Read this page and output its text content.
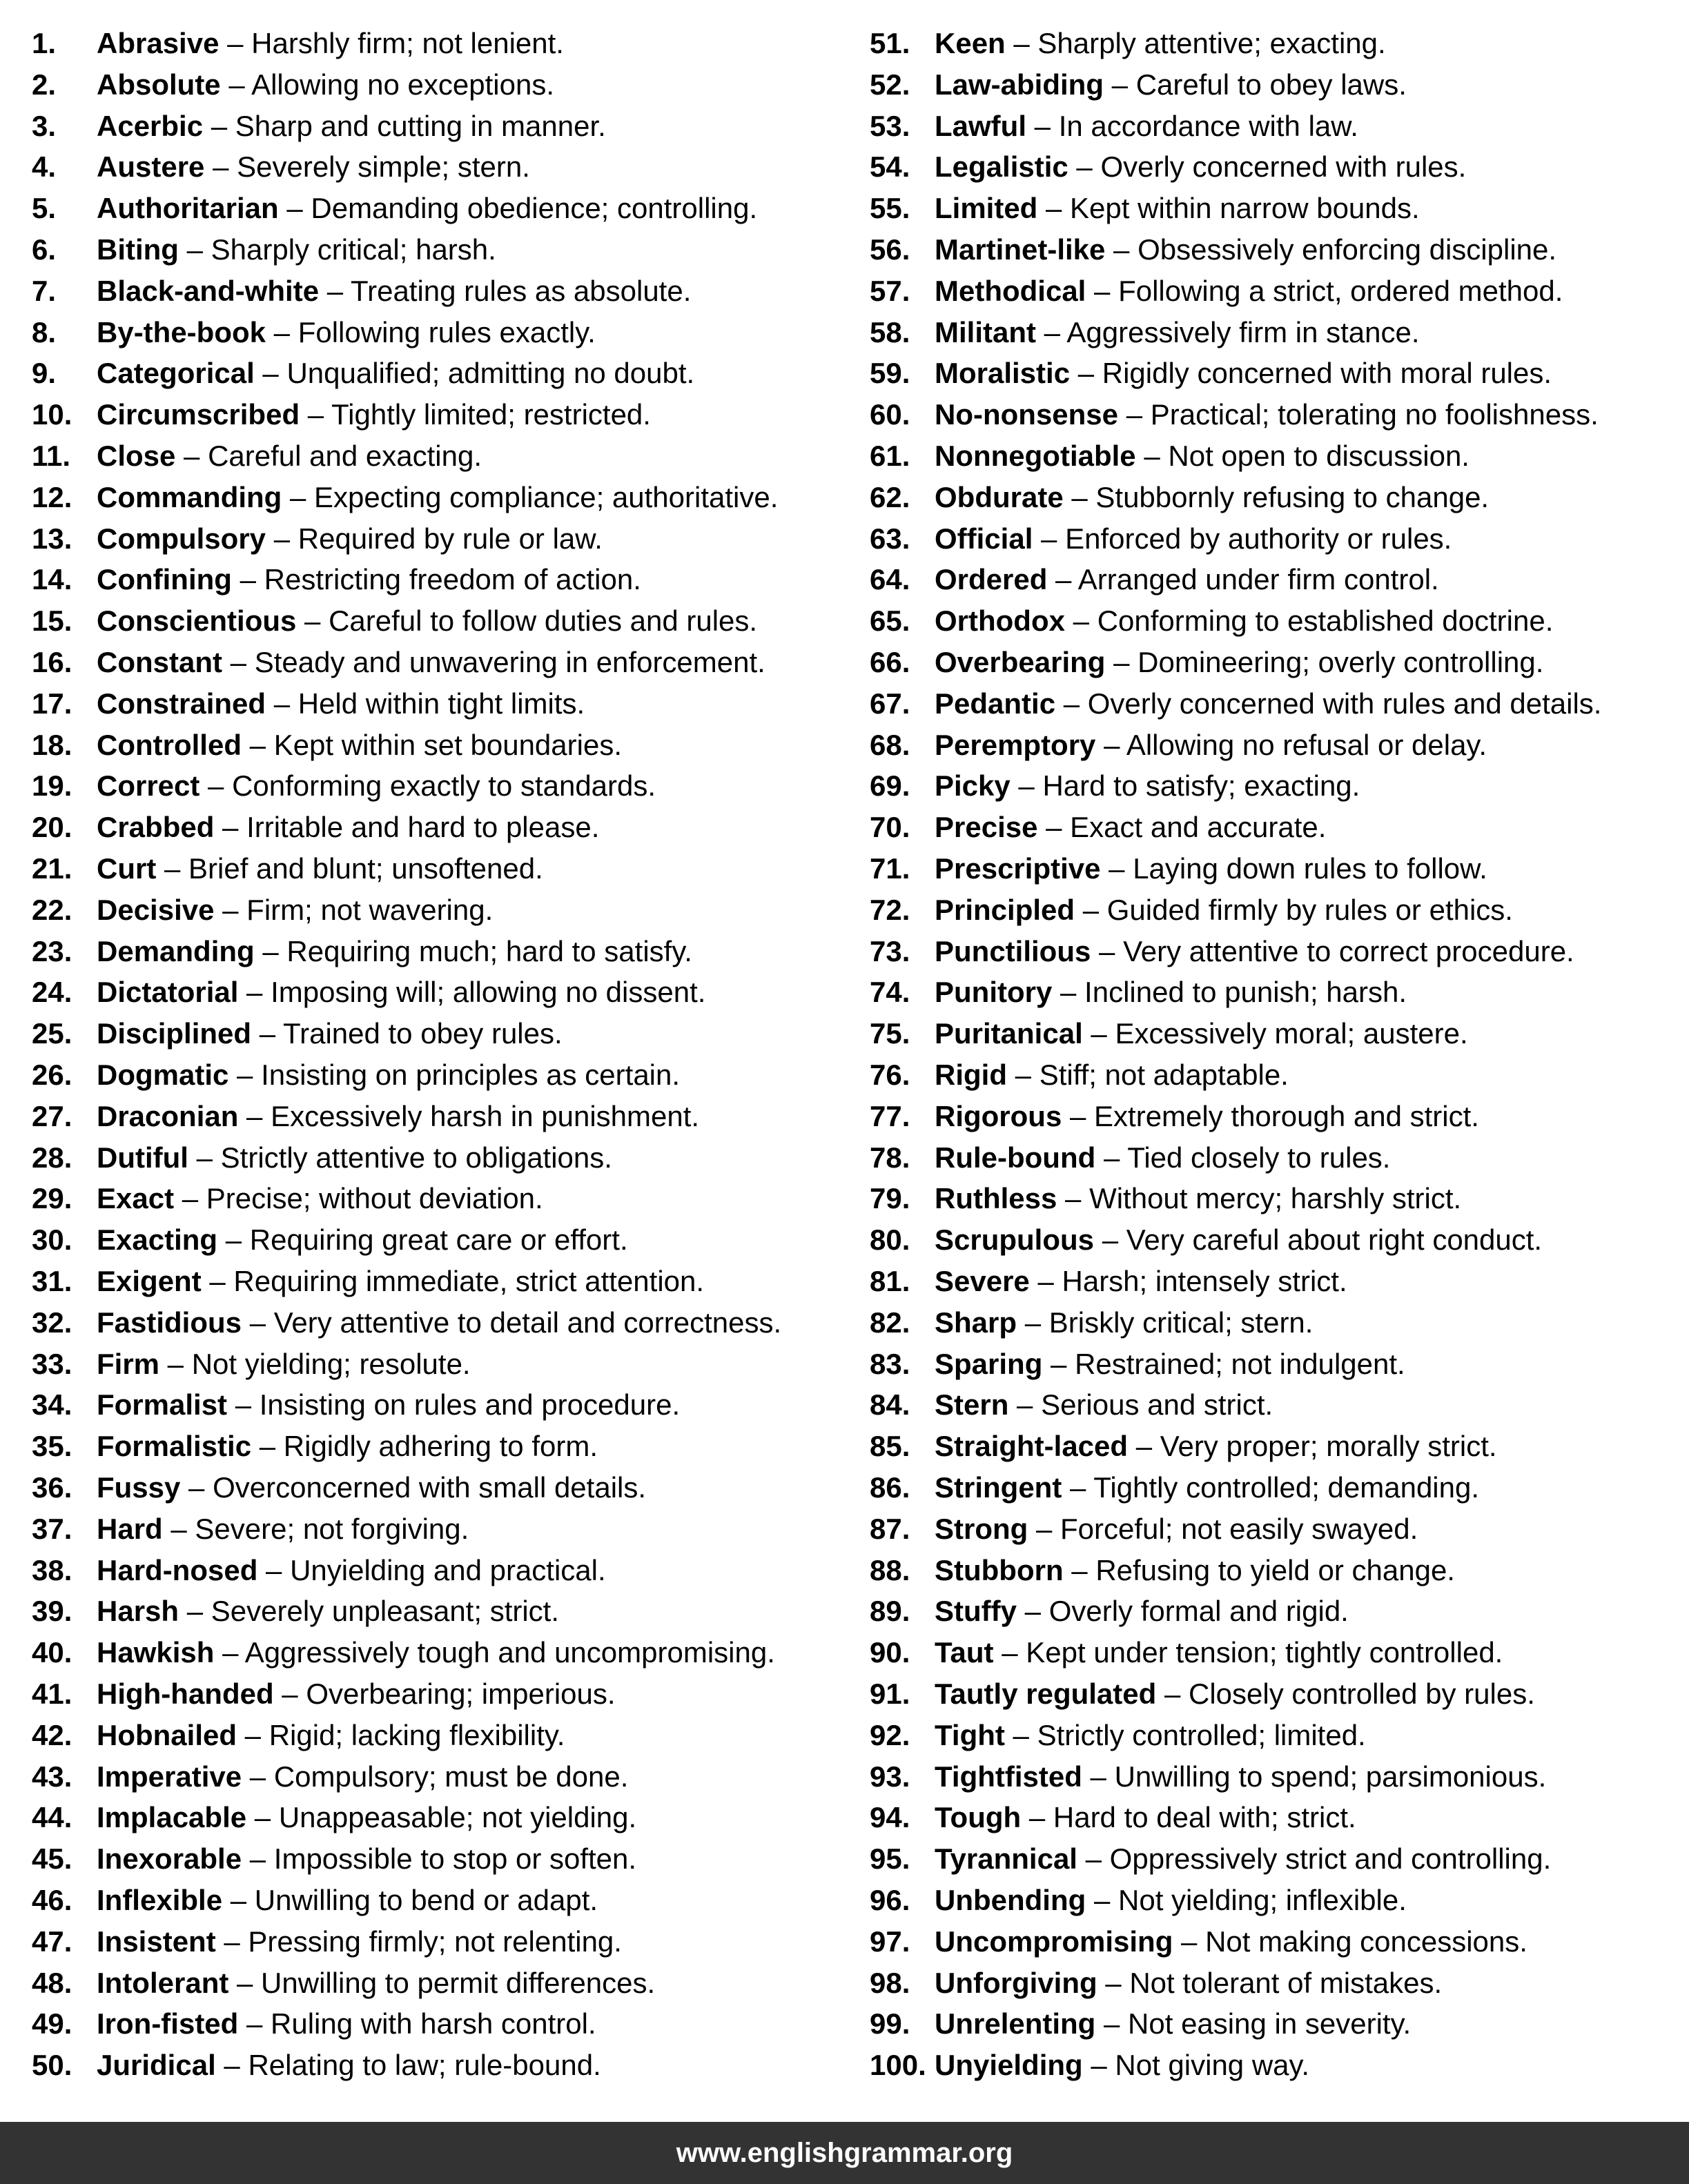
1. Abrasive – Harshly firm; not lenient.
2. Absolute – Allowing no exceptions.
3. Acerbic – Sharp and cutting in manner.
4. Austere – Severely simple; stern.
5. Authoritarian – Demanding obedience; controlling.
6. Biting – Sharply critical; harsh.
7. Black-and-white – Treating rules as absolute.
8. By-the-book – Following rules exactly.
9. Categorical – Unqualified; admitting no doubt.
10. Circumscribed – Tightly limited; restricted.
11. Close – Careful and exacting.
12. Commanding – Expecting compliance; authoritative.
13. Compulsory – Required by rule or law.
14. Confining – Restricting freedom of action.
15. Conscientious – Careful to follow duties and rules.
16. Constant – Steady and unwavering in enforcement.
17. Constrained – Held within tight limits.
18. Controlled – Kept within set boundaries.
19. Correct – Conforming exactly to standards.
20. Crabbed – Irritable and hard to please.
21. Curt – Brief and blunt; unsoftened.
22. Decisive – Firm; not wavering.
23. Demanding – Requiring much; hard to satisfy.
24. Dictatorial – Imposing will; allowing no dissent.
25. Disciplined – Trained to obey rules.
26. Dogmatic – Insisting on principles as certain.
27. Draconian – Excessively harsh in punishment.
28. Dutiful – Strictly attentive to obligations.
29. Exact – Precise; without deviation.
30. Exacting – Requiring great care or effort.
31. Exigent – Requiring immediate, strict attention.
32. Fastidious – Very attentive to detail and correctness.
33. Firm – Not yielding; resolute.
34. Formalist – Insisting on rules and procedure.
35. Formalistic – Rigidly adhering to form.
36. Fussy – Overconcerned with small details.
37. Hard – Severe; not forgiving.
38. Hard-nosed – Unyielding and practical.
39. Harsh – Severely unpleasant; strict.
40. Hawkish – Aggressively tough and uncompromising.
41. High-handed – Overbearing; imperious.
42. Hobnailed – Rigid; lacking flexibility.
43. Imperative – Compulsory; must be done.
44. Implacable – Unappeasable; not yielding.
45. Inexorable – Impossible to stop or soften.
46. Inflexible – Unwilling to bend or adapt.
47. Insistent – Pressing firmly; not relenting.
48. Intolerant – Unwilling to permit differences.
49. Iron-fisted – Ruling with harsh control.
50. Juridical – Relating to law; rule-bound.
51. Keen – Sharply attentive; exacting.
52. Law-abiding – Careful to obey laws.
53. Lawful – In accordance with law.
54. Legalistic – Overly concerned with rules.
55. Limited – Kept within narrow bounds.
56. Martinet-like – Obsessively enforcing discipline.
57. Methodical – Following a strict, ordered method.
58. Militant – Aggressively firm in stance.
59. Moralistic – Rigidly concerned with moral rules.
60. No-nonsense – Practical; tolerating no foolishness.
61. Nonnegotiable – Not open to discussion.
62. Obdurate – Stubbornly refusing to change.
63. Official – Enforced by authority or rules.
64. Ordered – Arranged under firm control.
65. Orthodox – Conforming to established doctrine.
66. Overbearing – Domineering; overly controlling.
67. Pedantic – Overly concerned with rules and details.
68. Peremptory – Allowing no refusal or delay.
69. Picky – Hard to satisfy; exacting.
70. Precise – Exact and accurate.
71. Prescriptive – Laying down rules to follow.
72. Principled – Guided firmly by rules or ethics.
73. Punctilious – Very attentive to correct procedure.
74. Punitory – Inclined to punish; harsh.
75. Puritanical – Excessively moral; austere.
76. Rigid – Stiff; not adaptable.
77. Rigorous – Extremely thorough and strict.
78. Rule-bound – Tied closely to rules.
79. Ruthless – Without mercy; harshly strict.
80. Scrupulous – Very careful about right conduct.
81. Severe – Harsh; intensely strict.
82. Sharp – Briskly critical; stern.
83. Sparing – Restrained; not indulgent.
84. Stern – Serious and strict.
85. Straight-laced – Very proper; morally strict.
86. Stringent – Tightly controlled; demanding.
87. Strong – Forceful; not easily swayed.
88. Stubborn – Refusing to yield or change.
89. Stuffy – Overly formal and rigid.
90. Taut – Kept under tension; tightly controlled.
91. Tautly regulated – Closely controlled by rules.
92. Tight – Strictly controlled; limited.
93. Tightfisted – Unwilling to spend; parsimonious.
94. Tough – Hard to deal with; strict.
95. Tyrannical – Oppressively strict and controlling.
96. Unbending – Not yielding; inflexible.
97. Uncompromising – Not making concessions.
98. Unforgiving – Not tolerant of mistakes.
99. Unrelenting – Not easing in severity.
100. Unyielding – Not giving way.
www.englishgrammar.org
